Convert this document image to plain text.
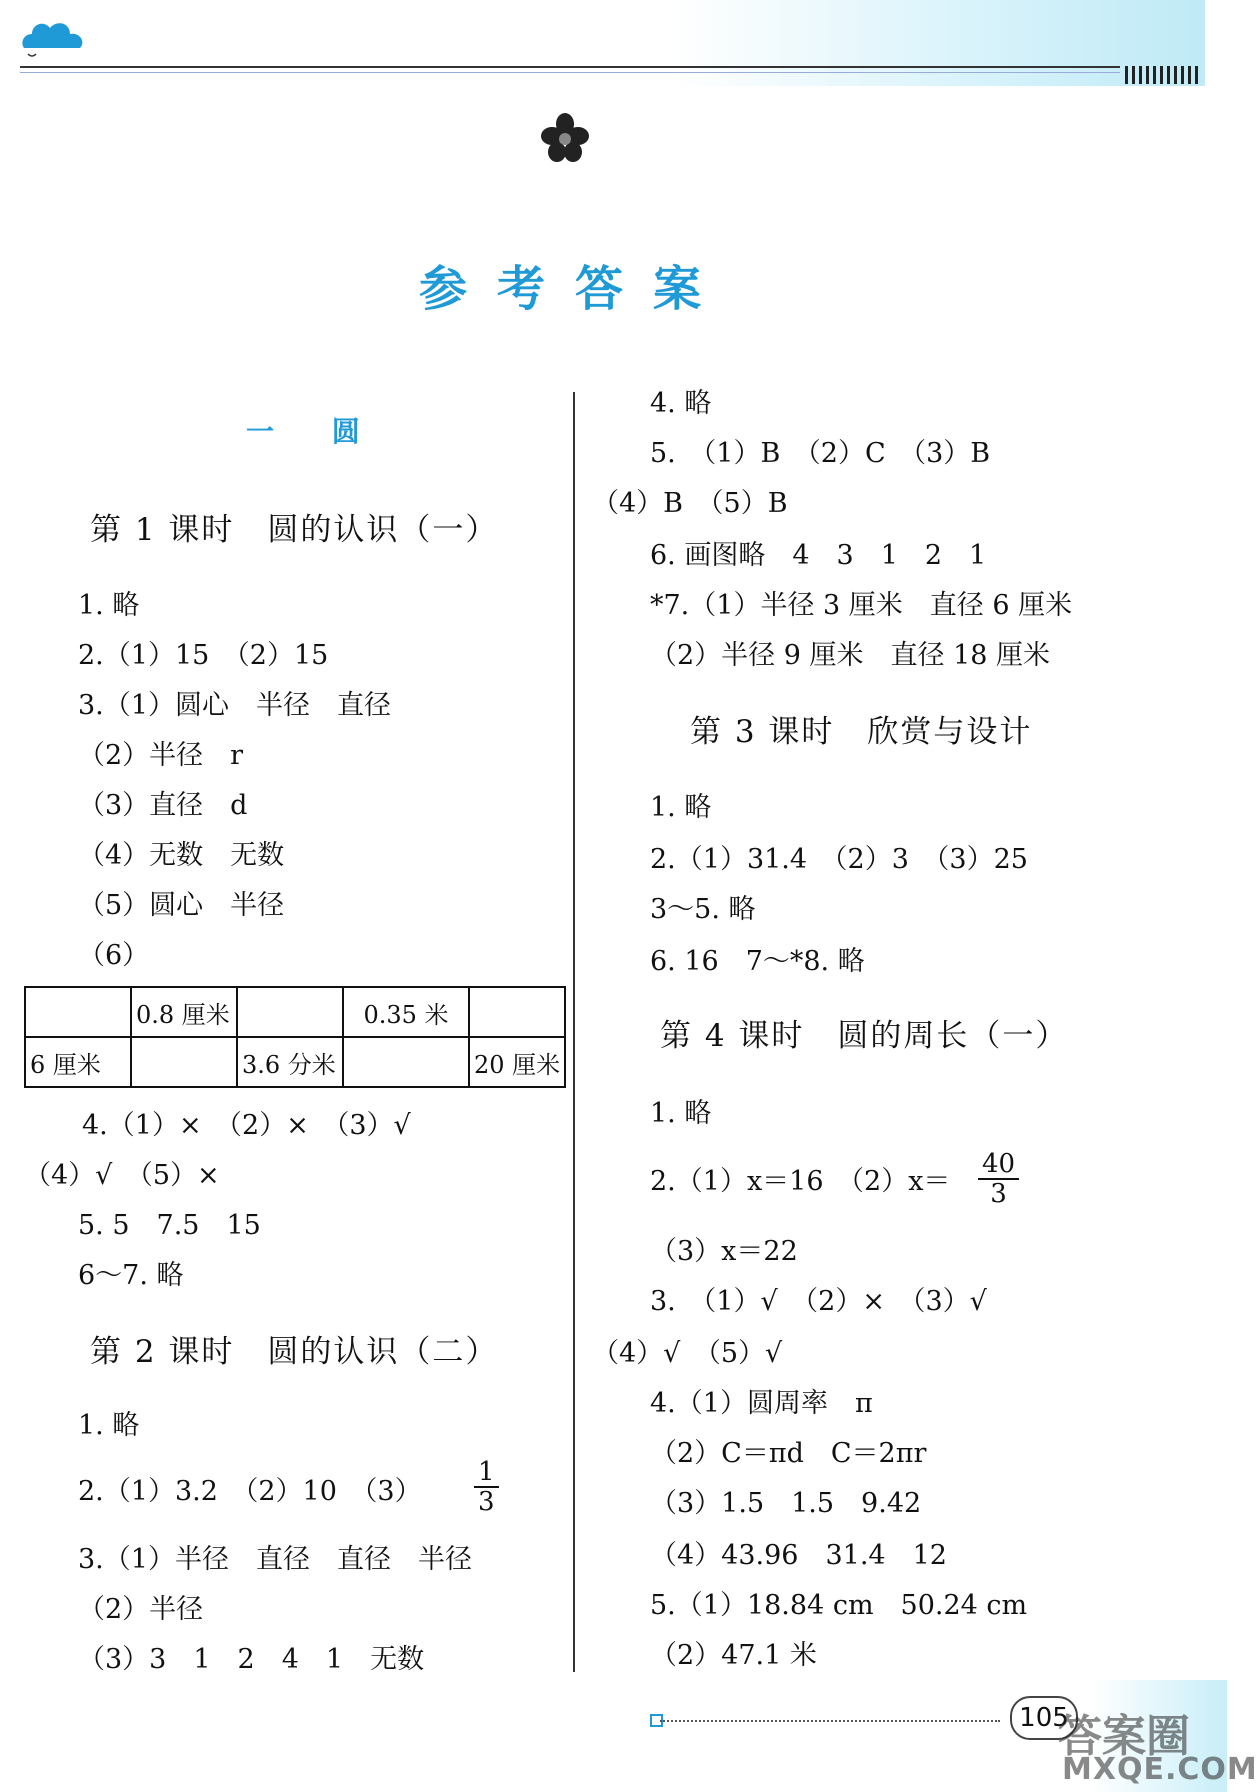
参考答案
一 圆
第 1 课时　圆的认识（一）
1. 略
2.（1）15　（2）15
3.（1）圆心　半径　直径
（2）半径　r
（3）直径　d
（4）无数　无数
（5）圆心　半径
（6）
	0.8 厘米		0.35 米	
6 厘米		3.6 分米		20 厘米
4.（1）×　（2）×　（3）√
（4）√　（5）×
5. 5　7.5　15
6～7. 略
第 2 课时　圆的认识（二）
1. 略
2.（1）3.2　（2）10　$(3) \frac{1}{3}$
3.（1）半径　直径　直径　半径
（2）半径
（3）3　1　2　4　1　无数
4. 略
5.　（1）B　（2）C　（3）B
（4）B　（5）B
6. 画图略　4　3　1　2　1
*7.（1）半径 3 厘米　直径 6 厘米
（2）半径 9 厘米　直径 18 厘米
第 3 课时　欣赏与设计
1. 略
2.（1）31.4　（2）3　（3）25
3～5. 略
6. 16　7～*8. 略
第 4 课时　圆的周长（一）
1. 略
2.（1）x＝16　$(2)x= \frac{40}{3}$
（3）x＝22
3.　（1）√　（2）×　（3）√
（4）√　（5）√
4.（1）圆周率　π
（2）C＝πd　C＝2πr
（3）1.5　1.5　9.42
（4）43.96　31.4　12
5.（1）18.84 cm　50.24 cm
（2）47.1 米
105
答案圈
MXQE.COM
